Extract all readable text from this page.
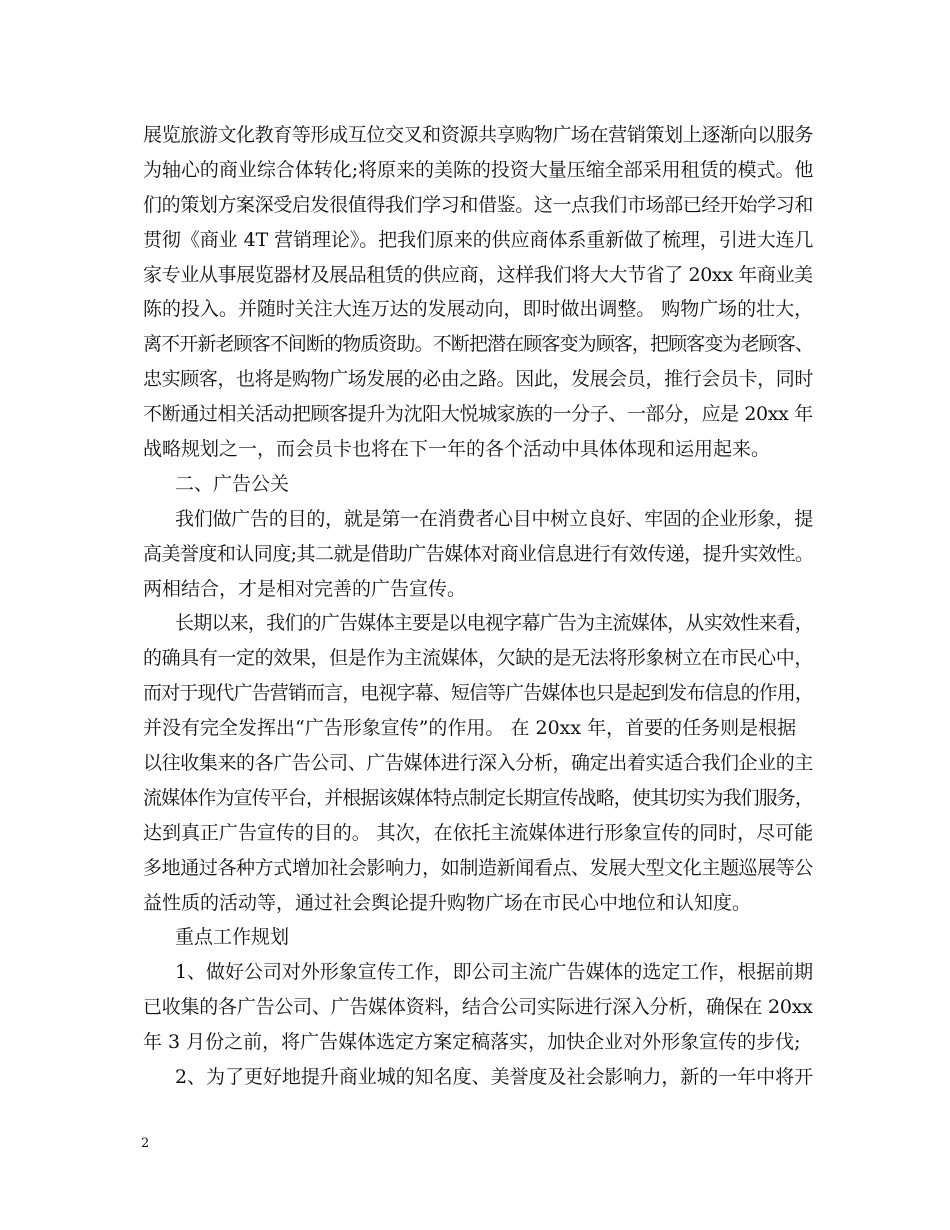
展览旅游文化教育等形成互位交叉和资源共享购物广场在营销策划上逐渐向以服务
为轴心的商业综合体转化;将原来的美陈的投资大量压缩全部采用租赁的模式。他
们的策划方案深受启发很值得我们学习和借鉴。这一点我们市场部已经开始学习和
贯彻《商业 4T 营销理论》。把我们原来的供应商体系重新做了梳理，引进大连几
家专业从事展览器材及展品租赁的供应商，这样我们将大大节省了 20xx 年商业美
陈的投入。并随时关注大连万达的发展动向，即时做出调整。 购物广场的壮大，
离不开新老顾客不间断的物质资助。不断把潜在顾客变为顾客，把顾客变为老顾客、
忠实顾客，也将是购物广场发展的必由之路。因此，发展会员，推行会员卡，同时
不断通过相关活动把顾客提升为沈阳大悦城家族的一分子、一部分，应是 20xx 年
战略规划之一，而会员卡也将在下一年的各个活动中具体体现和运用起来。
二、广告公关
我们做广告的目的，就是第一在消费者心目中树立良好、牢固的企业形象，提
高美誉度和认同度;其二就是借助广告媒体对商业信息进行有效传递，提升实效性。
两相结合，才是相对完善的广告宣传。
长期以来，我们的广告媒体主要是以电视字幕广告为主流媒体，从实效性来看，
的确具有一定的效果，但是作为主流媒体，欠缺的是无法将形象树立在市民心中，
而对于现代广告营销而言，电视字幕、短信等广告媒体也只是起到发布信息的作用，
并没有完全发挥出“广告形象宣传”的作用。 在 20xx 年，首要的任务则是根据
以往收集来的各广告公司、广告媒体进行深入分析，确定出着实适合我们企业的主
流媒体作为宣传平台，并根据该媒体特点制定长期宣传战略，使其切实为我们服务，
达到真正广告宣传的目的。 其次，在依托主流媒体进行形象宣传的同时，尽可能
多地通过各种方式增加社会影响力，如制造新闻看点、发展大型文化主题巡展等公
益性质的活动等，通过社会舆论提升购物广场在市民心中地位和认知度。
重点工作规划
1、做好公司对外形象宣传工作，即公司主流广告媒体的选定工作，根据前期
已收集的各广告公司、广告媒体资料，结合公司实际进行深入分析，确保在 20xx
年 3 月份之前，将广告媒体选定方案定稿落实，加快企业对外形象宣传的步伐;
2、为了更好地提升商业城的知名度、美誉度及社会影响力，新的一年中将开
2
